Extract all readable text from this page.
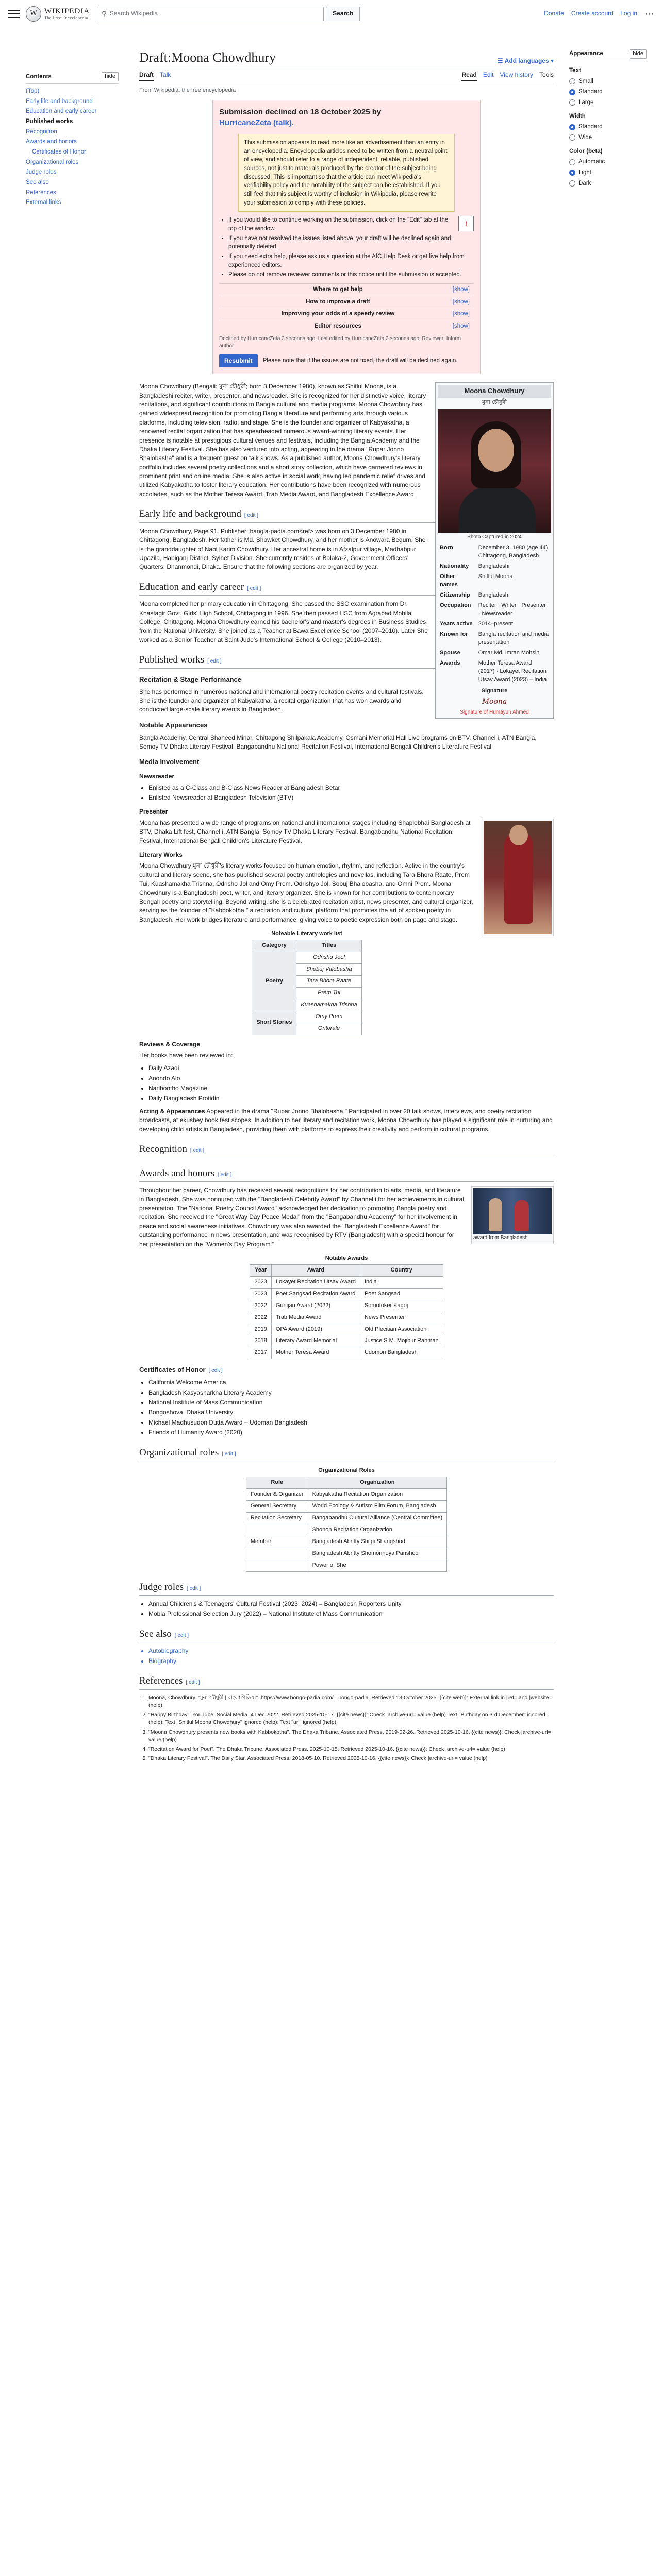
W WIKIPEDIA
The Free Encyclopedia
⚲ Search Wikipedia	Search	Donate Create account Log in ⋯
Contents	hide
(Top)
Early life and background
Education and early career
Published works
Recognition
Awards and honors
Certificates of Honor
Organizational roles
Judge roles
See also
References
External links
Appearance	hide
Text
Small
Standard
Large
Width
Standard
Wide
Color (beta)
Automatic
Light
Dark
Draft:Moona Chowdhury	☰ Add languages ▾
Draft Talk	Read Edit View history Tools
From Wikipedia, the free encyclopedia
Submission declined on 18 October 2025 by
HurricaneZeta (talk).
This submission appears to read more like an advertisement than an entry in an encyclopedia. Encyclopedia articles need to be written from a neutral point of view, and should refer to a range of independent, reliable, published sources, not just to materials produced by the creator of the subject being discussed. This is important so that the article can meet Wikipedia's verifiability policy and the notability of the subject can be established. If you still feel that this subject is worthy of inclusion in Wikipedia, please rewrite your submission to comply with these policies.
!
• If you would like to continue working on the submission, click on the "Edit" tab at the top of the window.
• If you have not resolved the issues listed above, your draft will be declined again and potentially deleted.
• If you need extra help, please ask us a question at the AfC Help Desk or get live help from experienced editors.
• Please do not remove reviewer comments or this notice until the submission is accepted.
Where to get help	[show]
How to improve a draft	[show]
Improving your odds of a speedy review	[show]
Editor resources	[show]
Declined by HurricaneZeta 3 seconds ago. Last edited by HurricaneZeta 2 seconds ago. Reviewer: Inform author.
Resubmit	Please note that if the issues are not fixed, the draft will be declined again.
Moona Chowdhury
মুনা চৌধুরী
Photo Captured in 2024
Born	December 3, 1980 (age 44) Chittagong, Bangladesh
Nationality	Bangladeshi
Other names	Shitlul Moona
Citizenship	Bangladesh
Occupation	Reciter · Writer · Presenter · Newsreader
Years active	2014–present
Known for	Bangla recitation and media presentation
Spouse	Omar Md. Imran Mohsin
Awards	Mother Teresa Award (2017) · Lokayet Recitation Utsav Award (2023) – India
Signature
Moona
Signature of Humayun Ahmed

Moona Chowdhury (Bengali: মুনা চৌধুরী; born 3 December 1980), known as Shitlul Moona, is a Bangladeshi reciter, writer, presenter, and newsreader. She is recognized for her distinctive voice, literary recitations, and significant contributions to Bangla cultural and media programs. Moona Chowdhury has gained widespread recognition for promoting Bangla literature and performing arts through various platforms, including television, radio, and stage. She is the founder and organizer of Kabyakatha, a renowned recital organization that has spearheaded numerous award-winning literary events. Her presence is notable at prestigious cultural venues and festivals, including the Bangla Academy and the Dhaka Literary Festival. She has also ventured into acting, appearing in the drama "Rupar Jonno Bhalobasha" and is a frequent guest on talk shows. As a published author, Moona Chowdhury's literary portfolio includes several poetry collections and a short story collection, which have garnered reviews in prominent print and online media. She is also active in social work, having led pandemic relief drives and utilized Kabyakatha to foster literary education. Her contributions have been recognized with numerous accolades, such as the Mother Teresa Award, Trab Media Award, and Bangladesh Excellence Award.

Early life and background [ edit ]

Moona Chowdhury, Page 91. Publisher: bangla-padia.com<ref> was born on 3 December 1980 in Chittagong, Bangladesh. Her father is Md. Showket Chowdhury, and her mother is Anowara Begum. She is the granddaughter of Nabi Karim Chowdhury. Her ancestral home is in Afzalpur village, Madhabpur Upazila, Habiganj District, Sylhet Division. She currently resides at Balaka-2, Government Officers' Quarters, Dhanmondi, Dhaka. Ensure that the following sections are organized by year.

Education and early career [ edit ]

Moona completed her primary education in Chittagong. She passed the SSC examination from Dr. Khastagir Govt. Girls' High School, Chittagong in 1996. She then passed HSC from Agrabad Mohila College, Chittagong. Moona Chowdhury earned his bachelor's and master's degrees in Business Studies from the National University. She joined as a Teacher at Bawa Excellence School (2007–2010). Later She worked as a Senior Teacher at Saint Jude's International School & College (2010–2013).

Published works [ edit ]
Recitation & Stage Performance

She has performed in numerous national and international poetry recitation events and cultural festivals. She is the founder and organizer of Kabyakatha, a recital organization that has won awards and conducted large-scale literary events in Bangladesh.

Notable Appearances

Bangla Academy, Central Shaheed Minar, Chittagong Shilpakala Academy, Osmani Memorial Hall Live programs on BTV, Channel i, ATN Bangla, Somoy TV Dhaka Literary Festival, Bangabandhu National Recitation Festival, International Bengali Children's Literature Festival

Media Involvement
Newsreader
• Enlisted as a C-Class and B-Class News Reader at Bangladesh Betar
• Enlisted Newsreader at Bangladesh Television (BTV)
Presenter

Moona has presented a wide range of programs on national and international stages including Shaplobhai Bangladesh at BTV, Dhaka Lift fest, Channel i, ATN Bangla, Somoy TV Dhaka Literary Festival, Bangabandhu National Recitation Festival, International Bengali Children's Literature Festival.

Literary Works

Moona Chowdhury মুনা চৌধুরী's literary works focused on human emotion, rhythm, and reflection. Active in the country's cultural and literary scene, she has published several poetry anthologies and novellas, including Tara Bhora Raate, Prem Tui, Kuashamakha Trishna, Odrisho Jol and Omy Prem. Odrishyo Jol, Sobuj Bhalobasha, and Omni Prem. Moona Chowdhury is a Bangladeshi poet, writer, and literary organizer. She is known for her contributions to contemporary Bengali poetry and storytelling. Beyond writing, she is a celebrated recitation artist, news presenter, and cultural organizer, serving as the founder of "Kabbokotha," a recitation and cultural platform that promotes the art of spoken poetry in Bangladesh. Her work bridges literature and performance, giving voice to poetic expression both on page and stage.

Noteable Literary work list
Category	Titles
Poetry	Odrisho Jool
	Shobuj Valobasha
	Tara Bhora Raate
	Prem Tui
	Kuashamakha Trishna
Short Stories	Omy Prem
	Ontorale
Reviews & Coverage

Her books have been reviewed in:

• Daily Azadi
• Anondo Alo
• Naribontho Magazine
• Daily Bangladesh Protidin

Acting & Appearances Appeared in the drama "Rupar Jonno Bhalobasha." Participated in over 20 talk shows, interviews, and poetry recitation broadcasts, at ekushey book fest scopes. In addition to her literary and recitation work, Moona Chowdhury has played a significant role in nurturing and developing child artists in Bangladesh, providing them with platforms to express their creativity and perform in cultural programs.

Recognition [ edit ]
Awards and honors [ edit ]
award from Bangladesh

Throughout her career, Chowdhury has received several recognitions for her contribution to arts, media, and literature in Bangladesh. She was honoured with the "Bangladesh Celebrity Award" by Channel i for her achievements in cultural presentation. The "National Poetry Council Award" acknowledged her dedication to promoting Bangla poetry and recitation. She received the "Great Way Day Peace Medal" from the "Bangabandhu Academy" for her involvement in peace and social awareness initiatives. Chowdhury was also awarded the "Bangladesh Excellence Award" for outstanding performance in news presentation, and was recognised by RTV (Bangladesh) with a special honour for her presentation on the "Women's Day Program."

Notable Awards
Year	Award	Country
2023	Lokayet Recitation Utsav Award	India
2023	Poet Sangsad Recitation Award	Poet Sangsad
2022	Gunijan Award (2022)	Somotoker Kagoj
2022	Trab Media Award	News Presenter
2019	OPA Award (2019)	Old Plecitian Association
2018	Literary Award Memorial	Justice S.M. Mojibur Rahman
2017	Mother Teresa Award	Udomon Bangladesh
Certificates of Honor [ edit ]
• California Welcome America
• Bangladesh Kasyasharkha Literary Academy
• National Institute of Mass Communication
• Bongoshova, Dhaka University
• Michael Madhusudon Dutta Award – Udoman Bangladesh
• Friends of Humanity Award (2020)
Organizational roles [ edit ]
Organizational Roles
Role	Organization
Founder & Organizer	Kabyakatha Recitation Organization
General Secretary	World Ecology & Autism Film Forum, Bangladesh
Recitation Secretary	Bangabandhu Cultural Alliance (Central Committee)
	Shonon Recitation Organization
Member	Bangladesh Abritty Shilpi Shangshod
	Bangladesh Abritty Shomonnoya Parishod
	Power of She
Judge roles [ edit ]
• Annual Children's & Teenagers' Cultural Festival (2023, 2024) – Bangladesh Reporters Unity
• Mobia Professional Selection Jury (2022) – National Institute of Mass Communication
See also [ edit ]
• Autobiography
• Biography
References [ edit ]
1. Moona, Chowdhury. "মুনা চৌধুরী | বাংলাপিডিয়া". https://www.bongo-padia.com/". bongo-padia. Retrieved 13 October 2025. {{cite web}}: External link in |ref= and |website= (help)
2. "Happy Birthday". YouTube. Social Media. 4 Dec 2022. Retrieved 2025-10-17. {{cite news}}: Check |archive-url= value (help) Text "Birthday on 3rd December" ignored (help); Text "Shitlul Moona Chowdhury" ignored (help); Text "url" ignored (help)
3. "Moona Chowdhury presents new books with Kabbokotha". The Dhaka Tribune. Associated Press. 2019-02-26. Retrieved 2025-10-16. {{cite news}}: Check |archive-url= value (help)
4. "Recitation Award for Poet". The Dhaka Tribune. Associated Press. 2025-10-15. Retrieved 2025-10-16. {{cite news}}: Check |archive-url= value (help)
5. "Dhaka Literary Festival". The Daily Star. Associated Press. 2018-05-10. Retrieved 2025-10-16. {{cite news}}: Check |archive-url= value (help)
